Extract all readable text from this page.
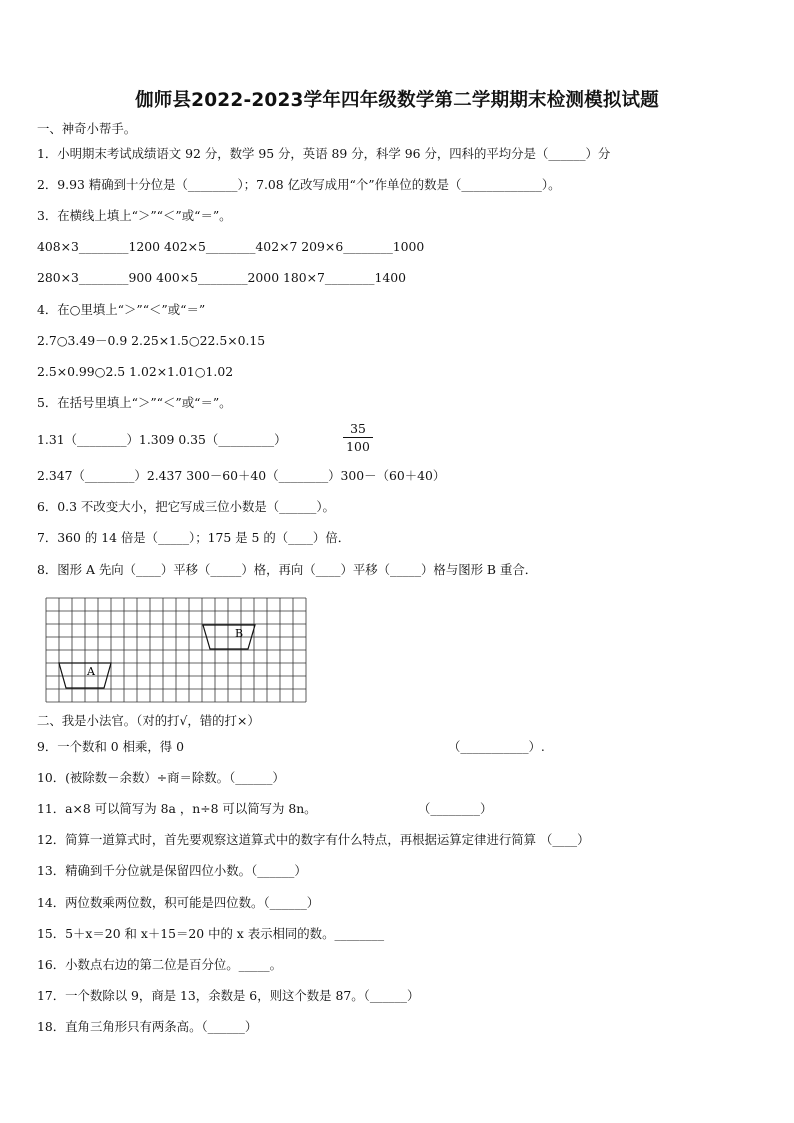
伽师县2022-2023学年四年级数学第二学期期末检测模拟试题
一、神奇小帮手。
1．小明期末考试成绩语文 92 分，数学 95 分，英语 89 分，科学 96 分，四科的平均分是（______）分
2．9.93 精确到十分位是（________）；7.08 亿改写成用“个”作单位的数是（_____________）。
3．在横线上填上“＞”“＜”或“＝”。
408×3________1200 402×5________402×7 209×6________1000
280×3________900 400×5________2000 180×7________1400
4．在○里填上“＞”“＜”或“＝”
2.7○3.49－0.9 2.25×1.5○22.5×0.15
2.5×0.99○2.5 1.02×1.01○1.02
5．在括号里填上“＞”“＜”或“＝”。
1.31（________）1.309 0.35（_________）
35
100
2.347（________）2.437 300－60＋40（________）300－（60＋40）
6．0.3 不改变大小，把它写成三位小数是（______）。
7．360 的 14 倍是（_____）；175 是 5 的（____）倍．
8．图形 A 先向（____）平移（_____）格，再向（____）平移（_____）格与图形 B 重合．
B
A
二、我是小法官。（对的打√，错的打×）
9．一个数和 0 相乘，得 0	（___________）.
10．(被除数－余数）÷商＝除数。（______）
11．a×8 可以简写为 8a ，n÷8 可以简写为 8n。	（________）
12．简算一道算式时，首先要观察这道算式中的数字有什么特点，再根据运算定律进行简算 （____）
13．精确到千分位就是保留四位小数。（______）
14．两位数乘两位数，积可能是四位数。（______）
15．5＋x＝20 和 x＋15＝20 中的 x 表示相同的数。________
16．小数点右边的第二位是百分位。_____。
17．一个数除以 9，商是 13，余数是 6，则这个数是 87。（______）
18．直角三角形只有两条高。（______）
